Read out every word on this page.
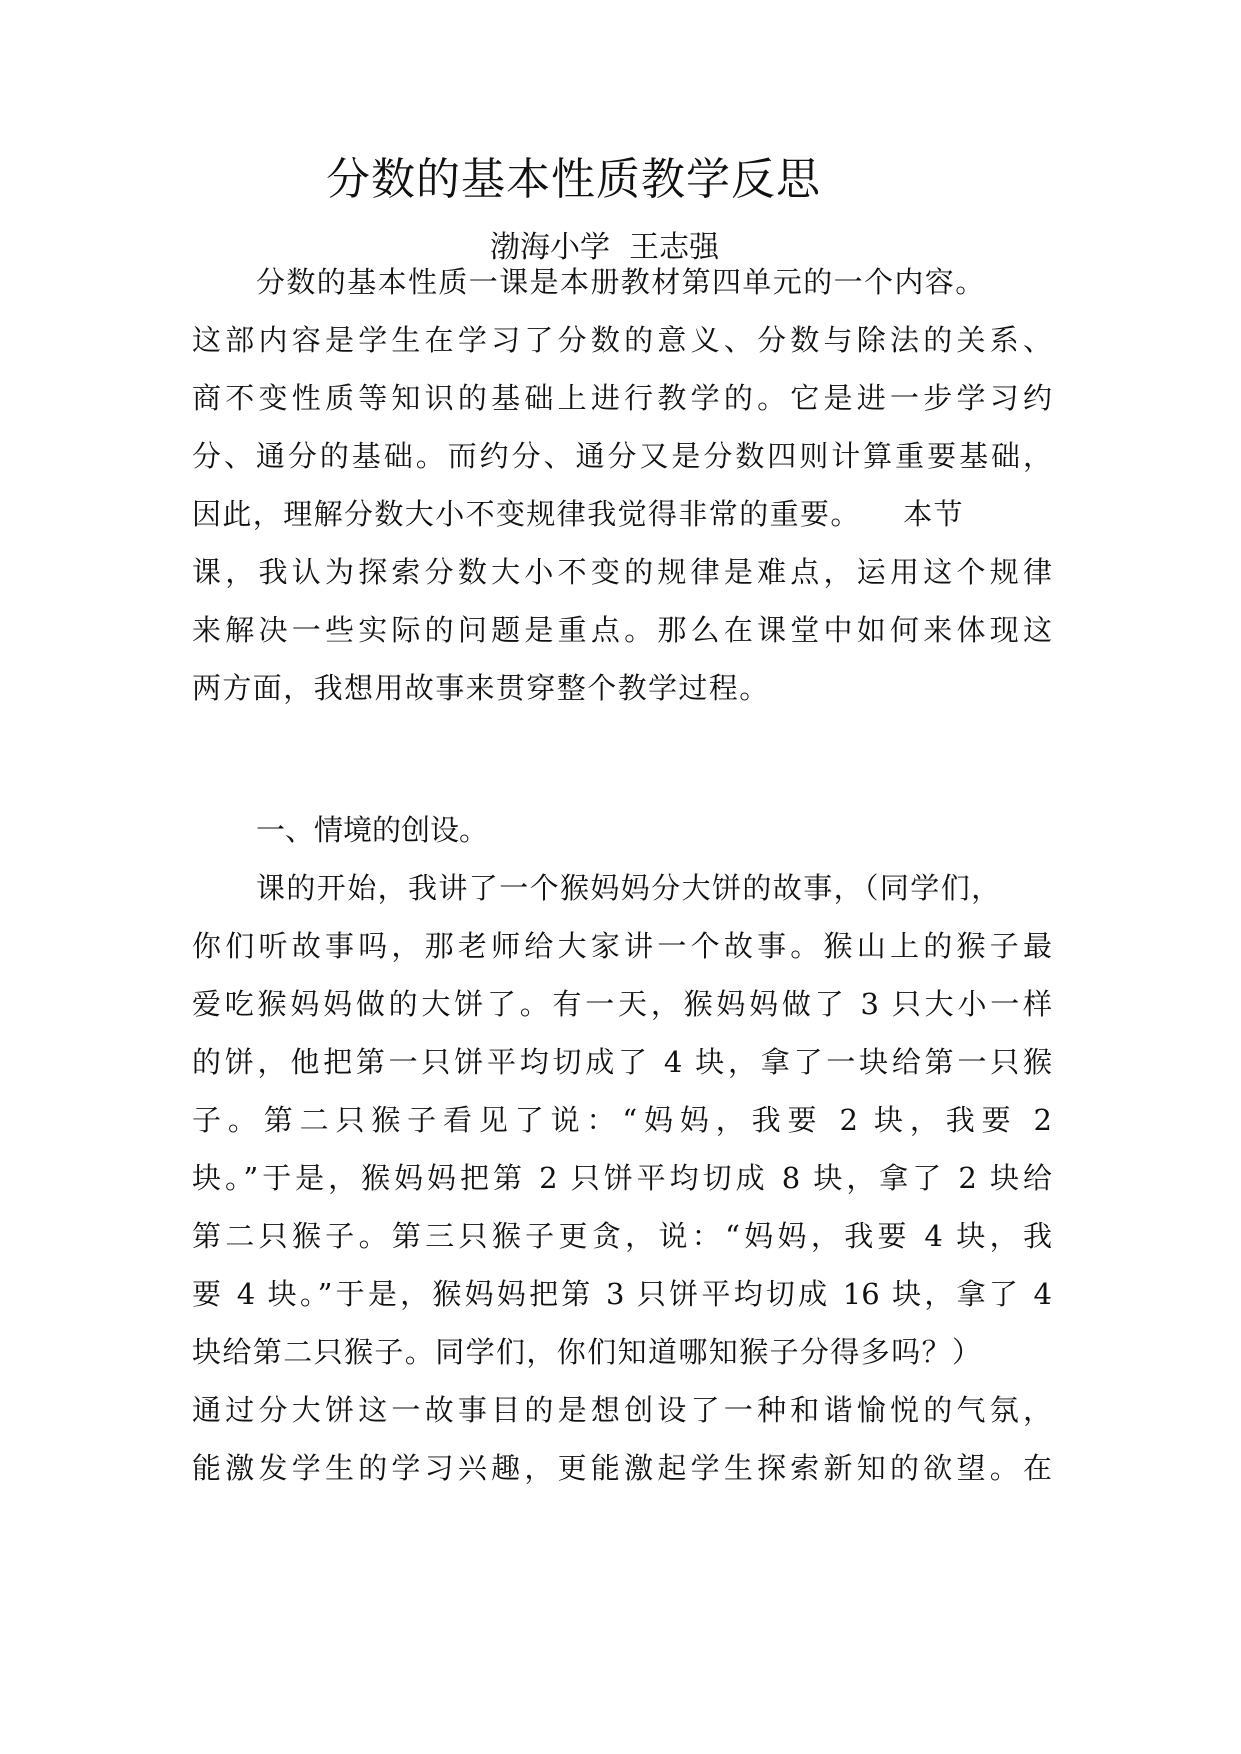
分数的基本性质教学反思
渤海小学  王志强
分数的基本性质一课是本册教材第四单元的一个内容。
这部内容是学生在学习了分数的意义、分数与除法的关系、
商不变性质等知识的基础上进行教学的。它是进一步学习约
分、通分的基础。而约分、通分又是分数四则计算重要基础，
因此，理解分数大小不变规律我觉得非常的重要。    本节
课，我认为探索分数大小不变的规律是难点，运用这个规律
来解决一些实际的问题是重点。那么在课堂中如何来体现这
两方面，我想用故事来贯穿整个教学过程。
一、情境的创设。
课的开始，我讲了一个猴妈妈分大饼的故事，（同学们，
你们听故事吗，那老师给大家讲一个故事。猴山上的猴子最
爱吃猴妈妈做的大饼了。有一天，猴妈妈做了 3 只大小一样
的饼，他把第一只饼平均切成了 4 块，拿了一块给第一只猴
子。第二只猴子看见了说：“妈妈，我要 2 块，我要 2
块。”于是，猴妈妈把第 2 只饼平均切成 8 块，拿了 2 块给
第二只猴子。第三只猴子更贪，说：“妈妈，我要 4 块，我
要 4 块。”于是，猴妈妈把第 3 只饼平均切成 16 块，拿了 4
块给第二只猴子。同学们，你们知道哪知猴子分得多吗？）
通过分大饼这一故事目的是想创设了一种和谐愉悦的气氛，
能激发学生的学习兴趣，更能激起学生探索新知的欲望。在
